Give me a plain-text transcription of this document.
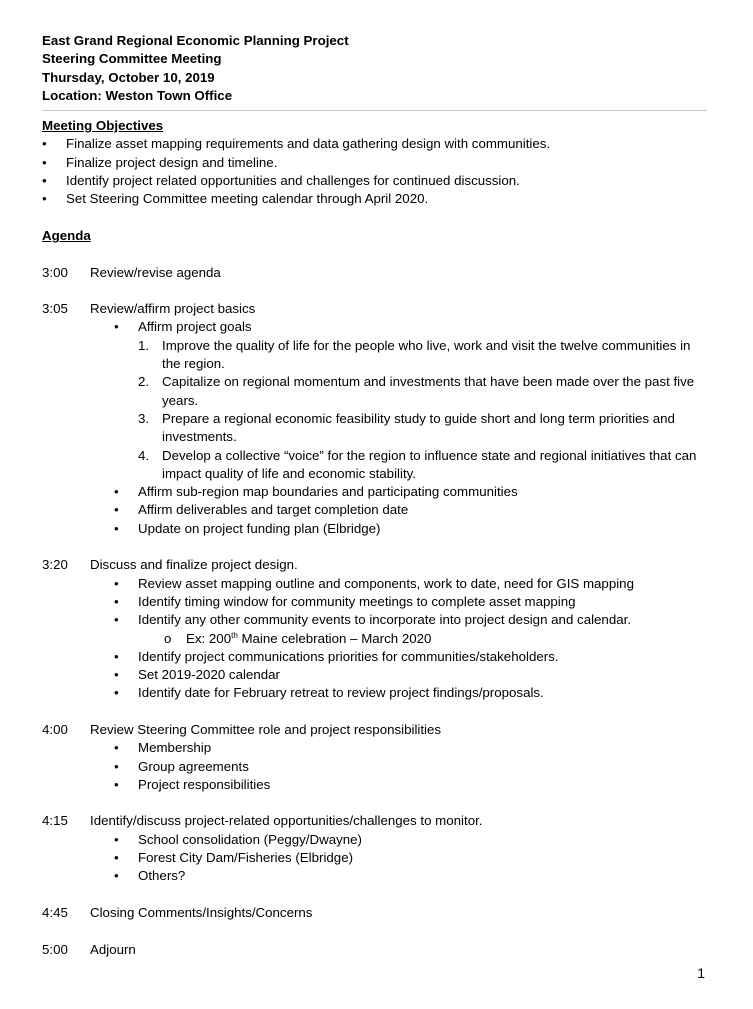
East Grand Regional Economic Planning Project
Steering Committee Meeting
Thursday, October 10, 2019
Location: Weston Town Office
Meeting Objectives
•	Finalize asset mapping requirements and data gathering design with communities.
•	Finalize project design and timeline.
•	Identify project related opportunities and challenges for continued discussion.
•	Set Steering Committee meeting calendar through April 2020.
Agenda
3:00	Review/revise agenda
3:05	Review/affirm project basics
•	Affirm project goals
1. Improve the quality of life for the people who live, work and visit the twelve communities in the region.
2. Capitalize on regional momentum and investments that have been made over the past five years.
3. Prepare a regional economic feasibility study to guide short and long term priorities and investments.
4. Develop a collective “voice” for the region to influence state and regional initiatives that can impact quality of life and economic stability.
•	Affirm sub-region map boundaries and participating communities
•	Affirm deliverables and target completion date
•	Update on project funding plan (Elbridge)
3:20	Discuss and finalize project design.
•	Review asset mapping outline and components, work to date, need for GIS mapping
•	Identify timing window for community meetings to complete asset mapping
•	Identify any other community events to incorporate into project design and calendar.
o Ex: 200th Maine celebration – March 2020
•	Identify project communications priorities for communities/stakeholders.
•	Set 2019-2020 calendar
•	Identify date for February retreat to review project findings/proposals.
4:00	Review Steering Committee role and project responsibilities
•	Membership
•	Group agreements
•	Project responsibilities
4:15	Identify/discuss project-related opportunities/challenges to monitor.
•	School consolidation (Peggy/Dwayne)
•	Forest City Dam/Fisheries (Elbridge)
•	Others?
4:45	Closing Comments/Insights/Concerns
5:00	Adjourn
1
